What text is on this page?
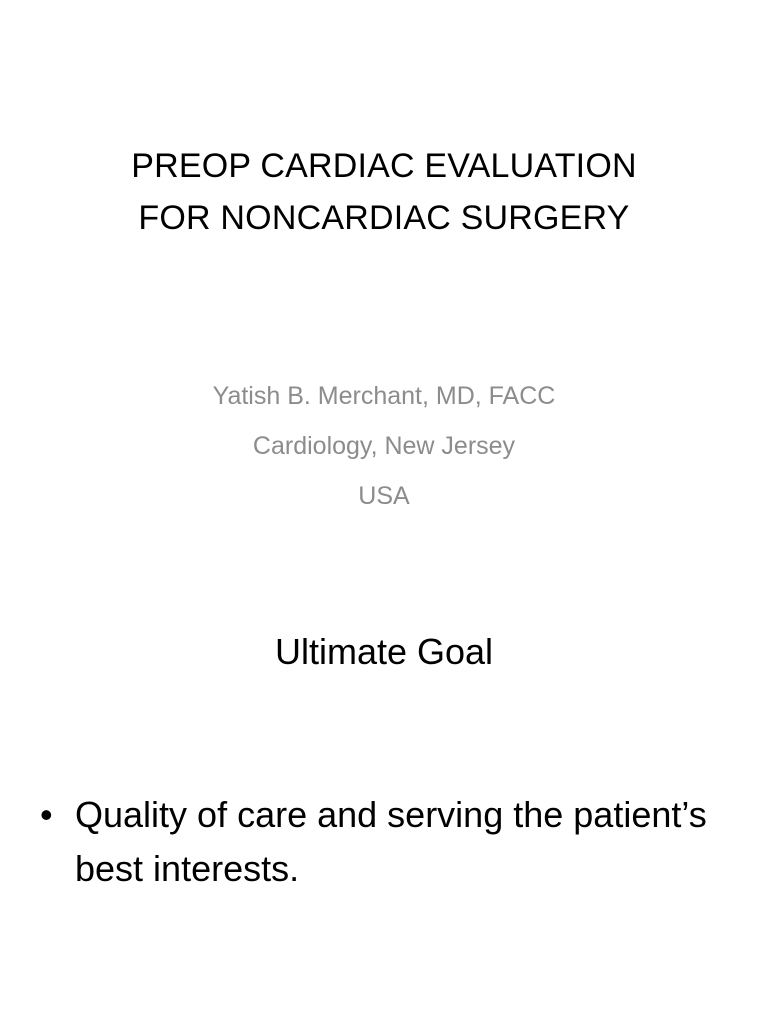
PREOP CARDIAC EVALUATION
FOR NONCARDIAC SURGERY
Yatish B. Merchant, MD, FACC
Cardiology, New Jersey
USA
Ultimate Goal
• Quality of care and serving the patient’s best interests.
